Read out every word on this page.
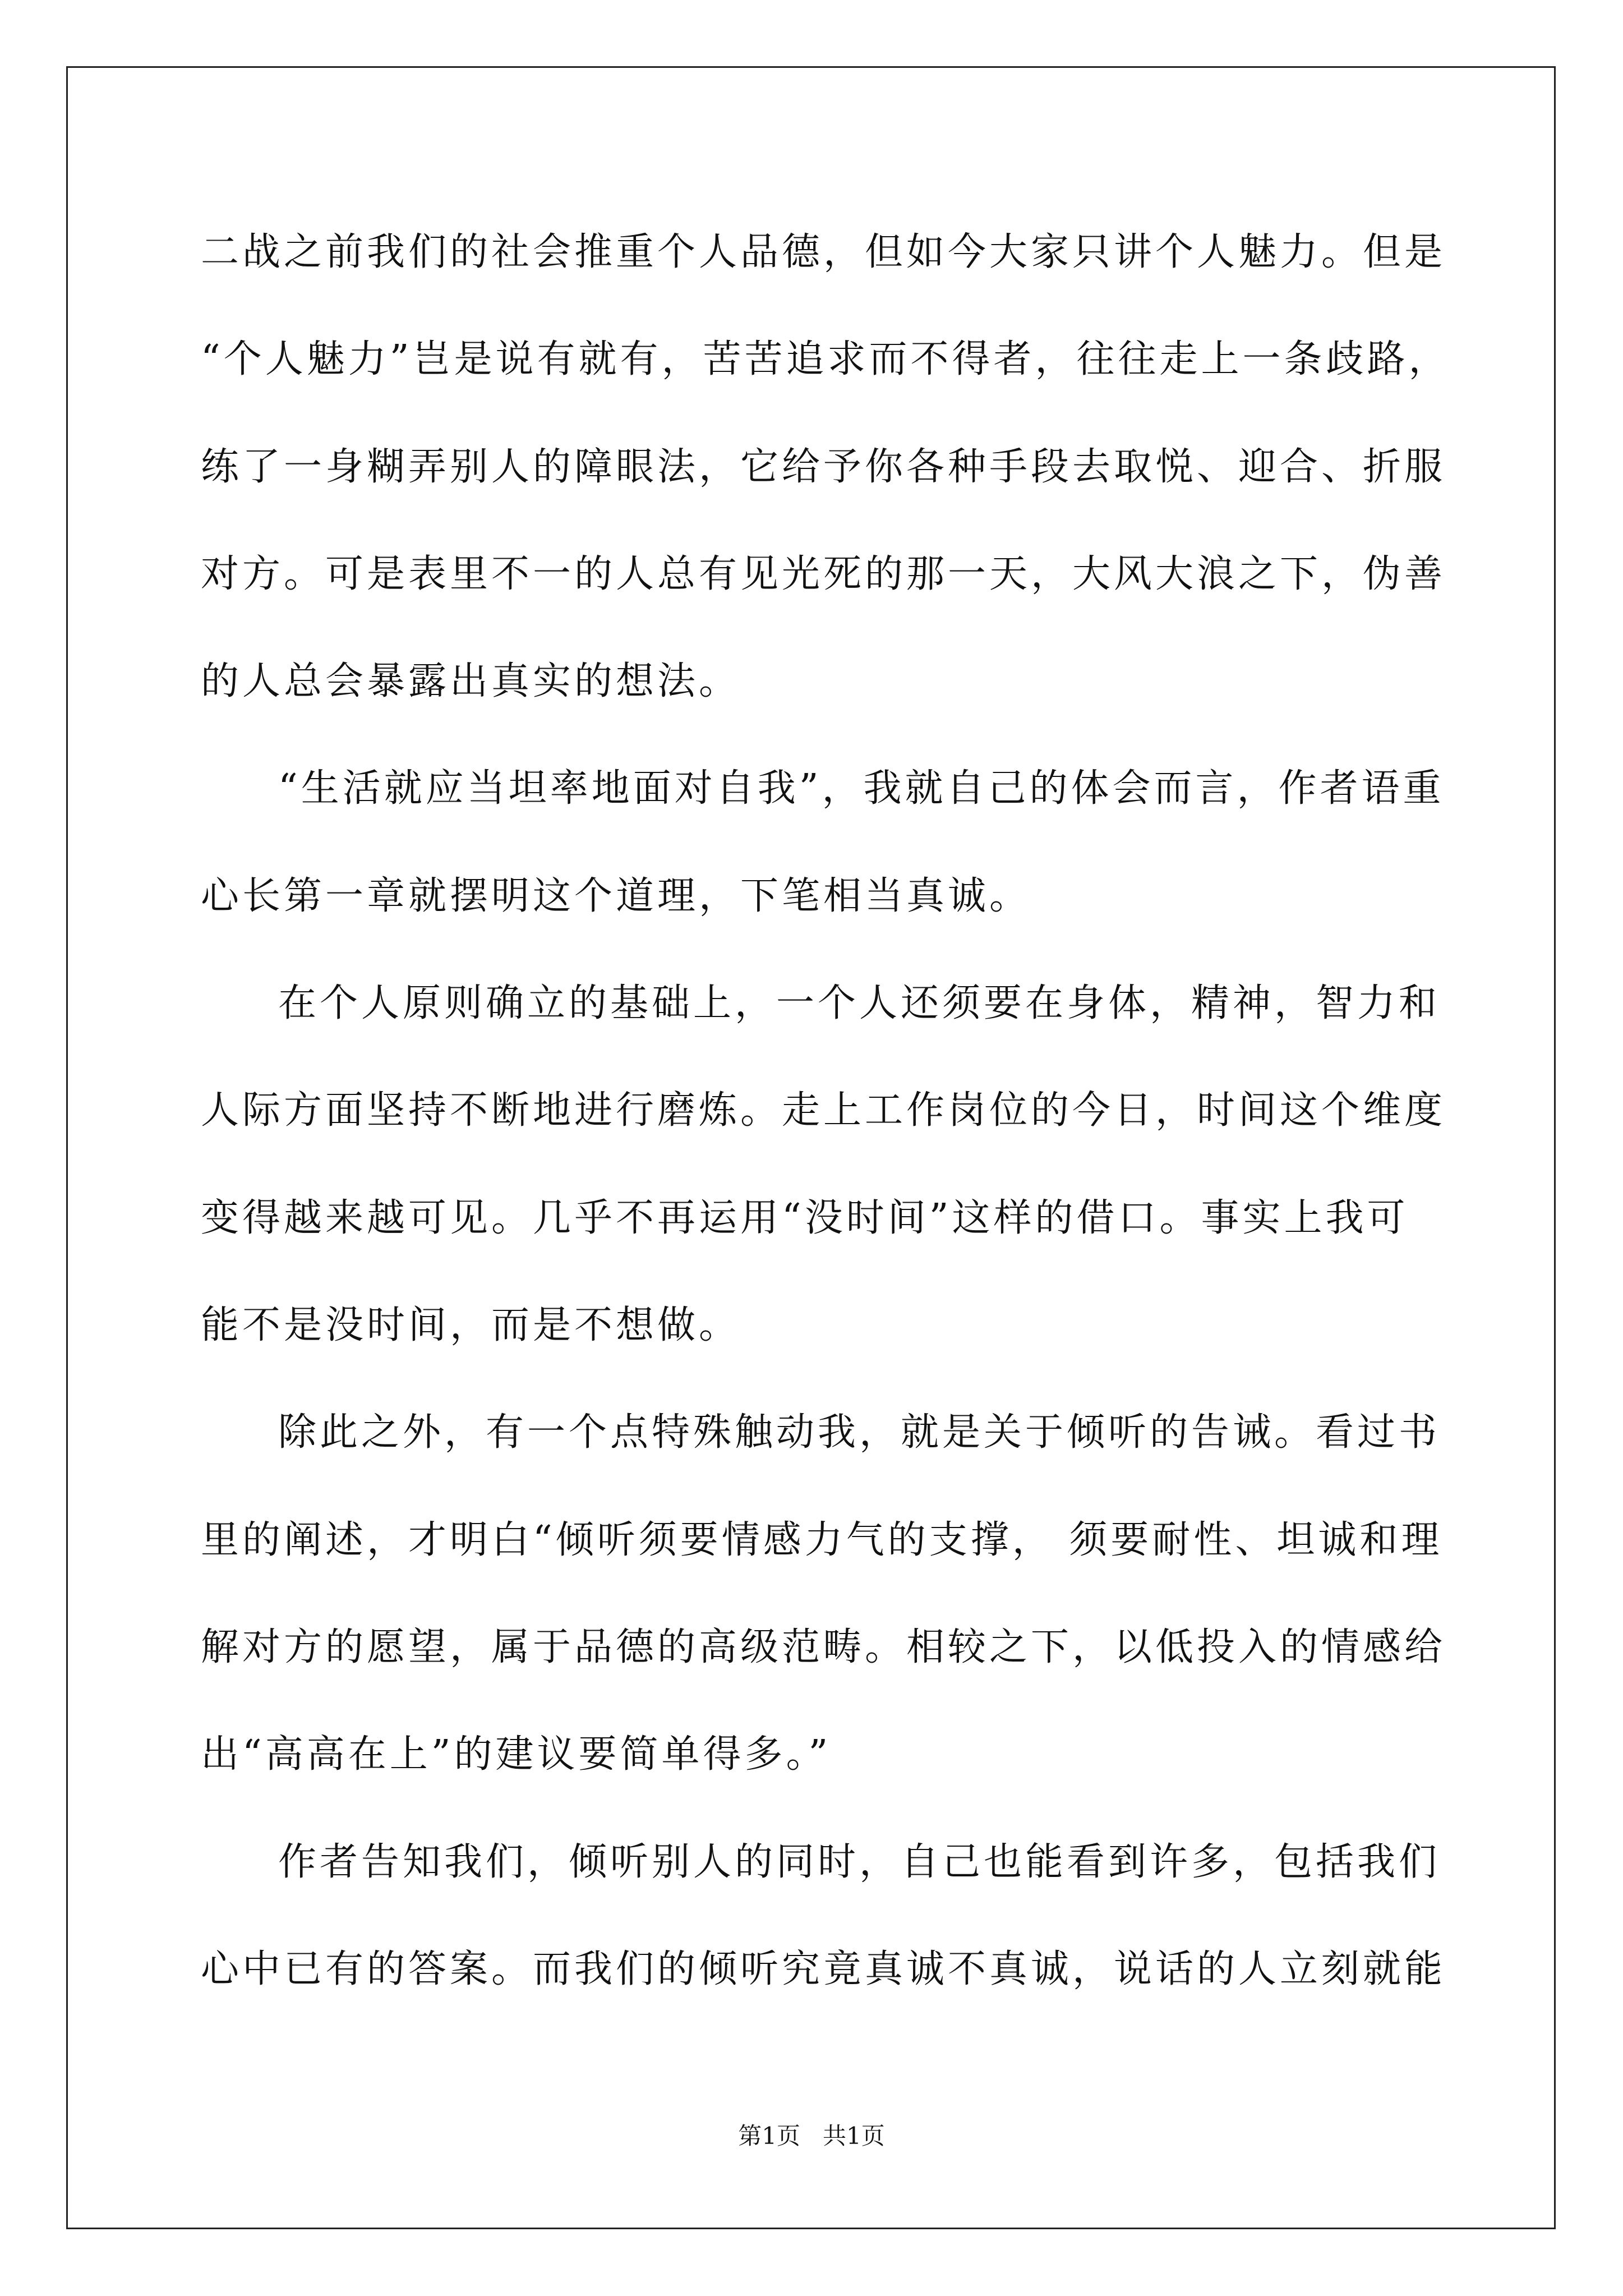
二战之前我们的社会推重个人品德，但如今大家只讲个人魅力。但是
“个人魅力”岂是说有就有，苦苦追求而不得者，往往走上一条歧路，
练了一身糊弄别人的障眼法，它给予你各种手段去取悦、迎合、折服
对方。可是表里不一的人总有见光死的那一天，大风大浪之下，伪善
的人总会暴露出真实的想法。
“生活就应当坦率地面对自我”，我就自己的体会而言，作者语重
心长第一章就摆明这个道理，下笔相当真诚。
在个人原则确立的基础上，一个人还须要在身体，精神，智力和
人际方面坚持不断地进行磨炼。走上工作岗位的今日，时间这个维度
变得越来越可见。几乎不再运用“没时间”这样的借口。事实上我可
能不是没时间，而是不想做。
除此之外，有一个点特殊触动我，就是关于倾听的告诫。看过书
里的阐述，才明白“倾听须要情感力气的支撑， 须要耐性、坦诚和理
解对方的愿望，属于品德的高级范畴。相较之下，以低投入的情感给
出“高高在上”的建议要简单得多。”
作者告知我们，倾听别人的同时，自己也能看到许多，包括我们
心中已有的答案。而我们的倾听究竟真诚不真诚，说话的人立刻就能
第1页   共1页
